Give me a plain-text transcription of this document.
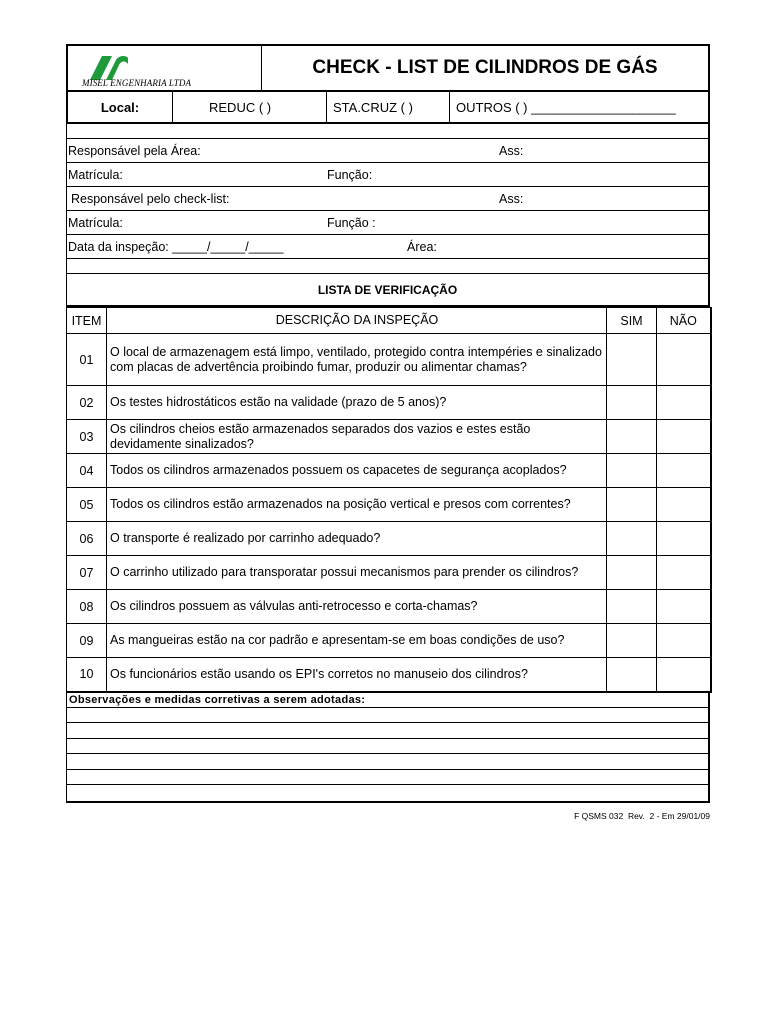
MISEL ENGENHARIA LTDA
CHECK - LIST DE CILINDROS DE GÁS
Local:	REDUC ( )	STA.CRUZ ( )	OUTROS ( ) ____________________
Responsável pela Área:	Ass:
Matrícula:	Função:
Responsável pelo check-list:	Ass:
Matrícula:	Função :
Data da inspeção: _____/_____/_____	Área:
LISTA DE VERIFICAÇÃO
ITEM	DESCRIÇÃO DA INSPEÇÃO	SIM	NÃO
01	O local de armazenagem está limpo, ventilado, protegido contra intempéries e sinalizado com placas de advertência proibindo fumar, produzir ou alimentar chamas?		
02	Os testes hidrostáticos estão na validade (prazo de 5 anos)?		
03	Os cilindros cheios estão armazenados separados dos vazios e estes estão devidamente sinalizados?		
04	Todos os cilindros armazenados possuem os capacetes de segurança acoplados?		
05	Todos os cilindros estão armazenados na posição vertical e presos com correntes?		
06	O transporte é realizado por carrinho adequado?		
07	O carrinho utilizado para transporatar possui mecanismos para prender os cilindros?		
08	Os cilindros possuem as válvulas anti-retrocesso e corta-chamas?		
09	As mangueiras estão na cor padrão e apresentam-se em boas condições de uso?		
10	Os funcionários estão usando os EPI's corretos no manuseio dos cilindros?		
Observações e medidas corretivas a serem adotadas:
F QSMS 032  Rev.  2 - Em 29/01/09
